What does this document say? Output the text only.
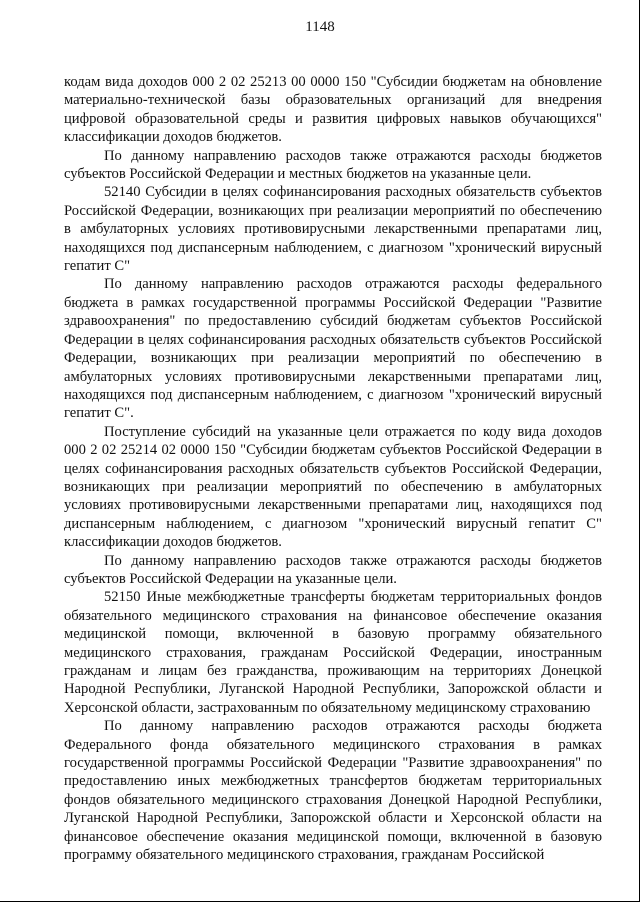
1148

кодам вида доходов 000 2 02 25213 00 0000 150 "Субсидии бюджетам на обновление материально-технической базы образовательных организаций для внедрения цифровой образовательной среды и развития цифровых навыков обучающихся" классификации доходов бюджетов.

По данному направлению расходов также отражаются расходы бюджетов субъектов Российской Федерации и местных бюджетов на указанные цели.

52140 Субсидии в целях софинансирования расходных обязательств субъектов Российской Федерации, возникающих при реализации мероприятий по обеспечению в амбулаторных условиях противовирусными лекарственными препаратами лиц, находящихся под диспансерным наблюдением, с диагнозом "хронический вирусный гепатит С"

По данному направлению расходов отражаются расходы федерального бюджета в рамках государственной программы Российской Федерации "Развитие здравоохранения" по предоставлению субсидий бюджетам субъектов Российской Федерации в целях софинансирования расходных обязательств субъектов Российской Федерации, возникающих при реализации мероприятий по обеспечению в амбулаторных условиях противовирусными лекарственными препаратами лиц, находящихся под диспансерным наблюдением, с диагнозом "хронический вирусный гепатит С".

Поступление субсидий на указанные цели отражается по коду вида доходов 000 2 02 25214 02 0000 150 "Субсидии бюджетам субъектов Российской Федерации в целях софинансирования расходных обязательств субъектов Российской Федерации, возникающих при реализации мероприятий по обеспечению в амбулаторных условиях противовирусными лекарственными препаратами лиц, находящихся под диспансерным наблюдением, с диагнозом "хронический вирусный гепатит С" классификации доходов бюджетов.

По данному направлению расходов также отражаются расходы бюджетов субъектов Российской Федерации на указанные цели.

52150 Иные межбюджетные трансферты бюджетам территориальных фондов обязательного медицинского страхования на финансовое обеспечение оказания медицинской помощи, включенной в базовую программу обязательного медицинского страхования, гражданам Российской Федерации, иностранным гражданам и лицам без гражданства, проживающим на территориях Донецкой Народной Республики, Луганской Народной Республики, Запорожской области и Херсонской области, застрахованным по обязательному медицинскому страхованию

По данному направлению расходов отражаются расходы бюджета Федерального фонда обязательного медицинского страхования в рамках государственной программы Российской Федерации "Развитие здравоохранения" по предоставлению иных межбюджетных трансфертов бюджетам территориальных фондов обязательного медицинского страхования Донецкой Народной Республики, Луганской Народной Республики, Запорожской области и Херсонской области на финансовое обеспечение оказания медицинской помощи, включенной в базовую программу обязательного медицинского страхования, гражданам Российской
